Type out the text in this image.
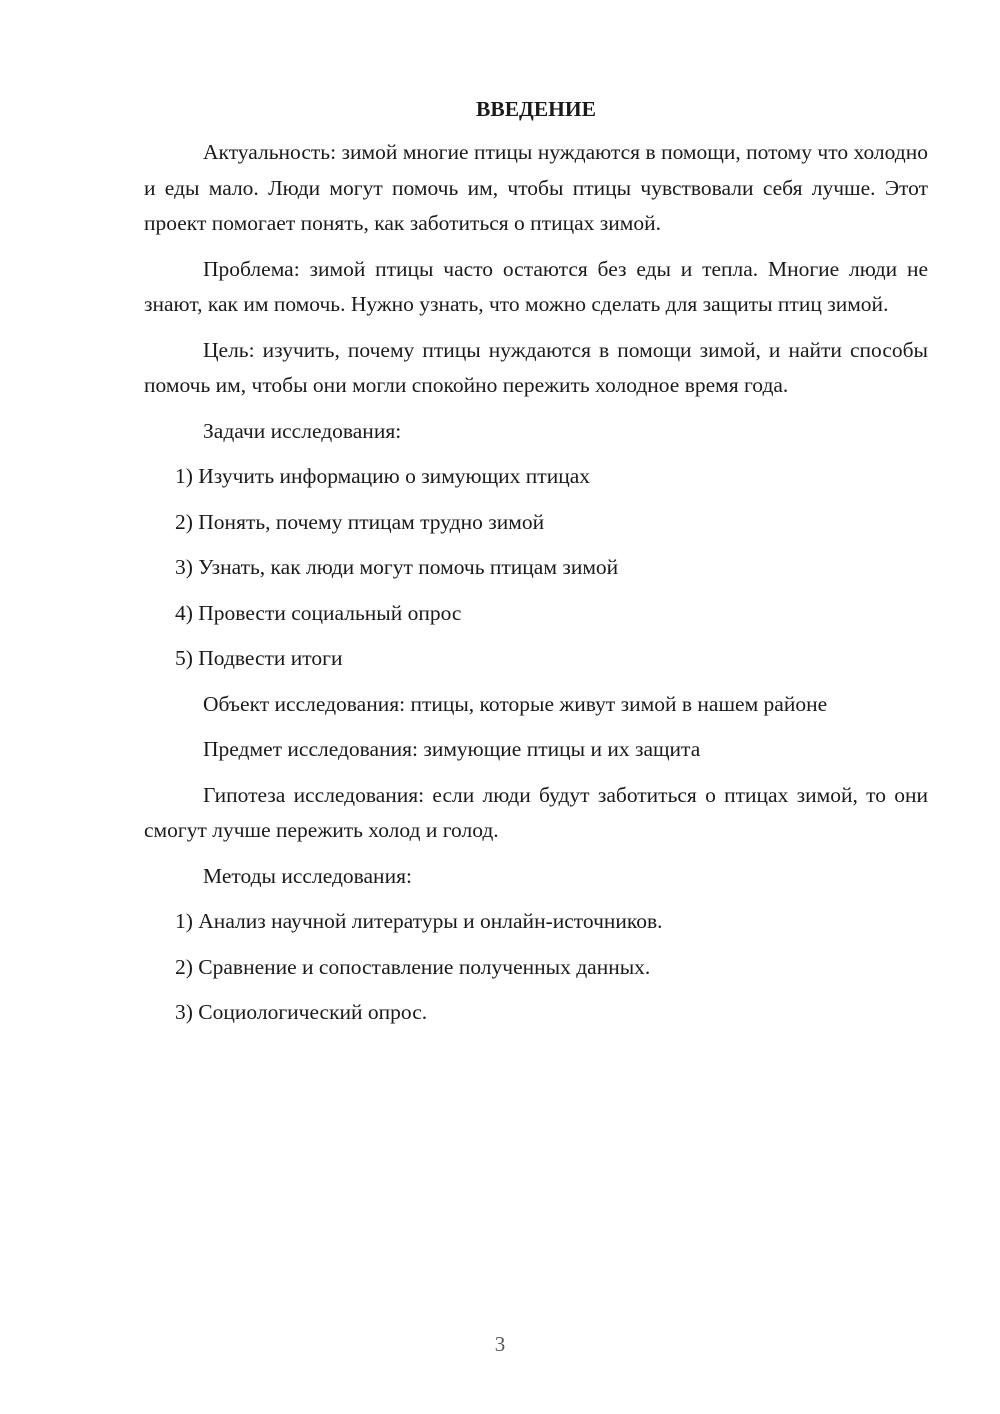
ВВЕДЕНИЕ

Актуальность: зимой многие птицы нуждаются в помощи, потому что холодно и еды мало. Люди могут помочь им, чтобы птицы чувствовали себя лучше. Этот проект помогает понять, как заботиться о птицах зимой.

Проблема: зимой птицы часто остаются без еды и тепла. Многие люди не знают, как им помочь. Нужно узнать, что можно сделать для защиты птиц зимой.

Цель: изучить, почему птицы нуждаются в помощи зимой, и найти способы помочь им, чтобы они могли спокойно пережить холодное время года.

Задачи исследования:

1) Изучить информацию о зимующих птицах

2) Понять, почему птицам трудно зимой

3) Узнать, как люди могут помочь птицам зимой

4) Провести социальный опрос

5) Подвести итоги

Объект исследования: птицы, которые живут зимой в нашем районе

Предмет исследования: зимующие птицы и их защита

Гипотеза исследования: если люди будут заботиться о птицах зимой, то они смогут лучше пережить холод и голод.

Методы исследования:

1) Анализ научной литературы и онлайн-источников.

2) Сравнение и сопоставление полученных данных.

3) Социологический опрос.

3
